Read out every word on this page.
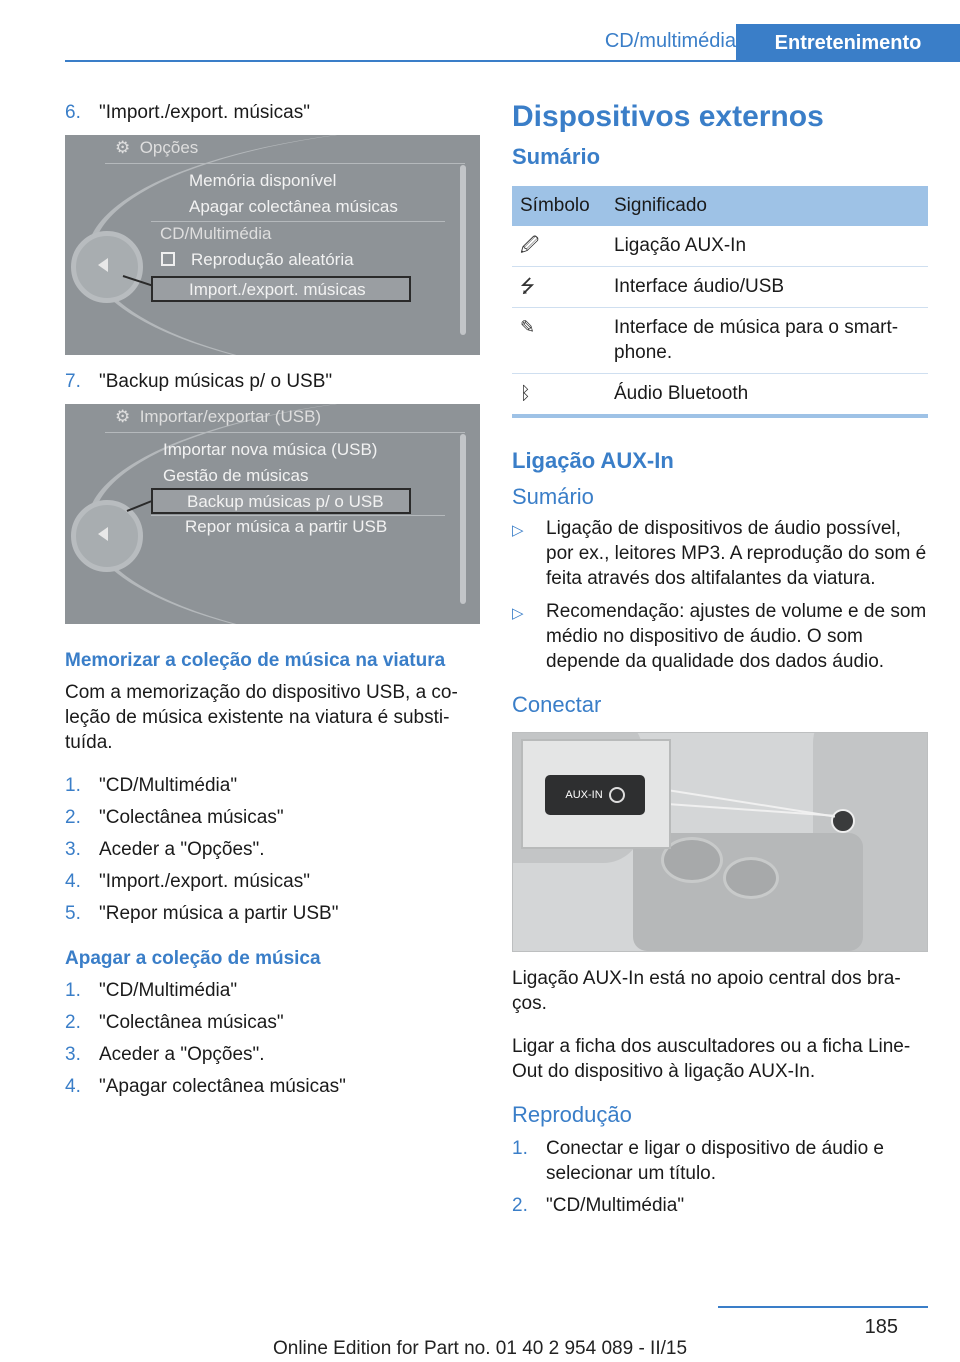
CD/multimédia	Entretenimento
6. "Import./export. músicas"
⚙ Opções
Memória disponível
Apagar colectânea músicas
CD/Multimédia
Reprodução aleatória
Import./export. músicas
7. "Backup músicas p/ o USB"
⚙ Importar/exportar (USB)
Importar nova música (USB)
Gestão de músicas
Backup músicas p/ o USB
Repor música a partir USB
Memorizar a coleção de música na viatura

Com a memorização do dispositivo USB, a coleção de música existente na viatura é substituída.

1. "CD/Multimédia"
2. "Colectânea músicas"
3. Aceder a "Opções".
4. "Import./export. músicas"
5. "Repor música a partir USB"
Apagar a coleção de música
1. "CD/Multimédia"
2. "Colectânea músicas"
3. Aceder a "Opções".
4. "Apagar colectânea músicas"
Dispositivos externos
Sumário
Símbolo	Significado
🖉	Ligação AUX-In
⭍	Interface áudio/USB
✎	Interface de música para o smartphone.
ᛒ	Áudio Bluetooth
Ligação AUX-In
Sumário
▷	Ligação de dispositivos de áudio possível, por ex., leitores MP3. A reprodução do som é feita através dos altifalantes da viatura.
▷	Recomendação: ajustes de volume e de som médio no dispositivo de áudio. O som depende da qualidade dos dados áudio.
Conectar
AUX-IN

Ligação AUX-In está no apoio central dos braços.

Ligar a ficha dos auscultadores ou a ficha Line-Out do dispositivo à ligação AUX-In.

Reprodução
1. Conectar e ligar o dispositivo de áudio e selecionar um título.
2. "CD/Multimédia"
185
Online Edition for Part no. 01 40 2 954 089 - II/15
